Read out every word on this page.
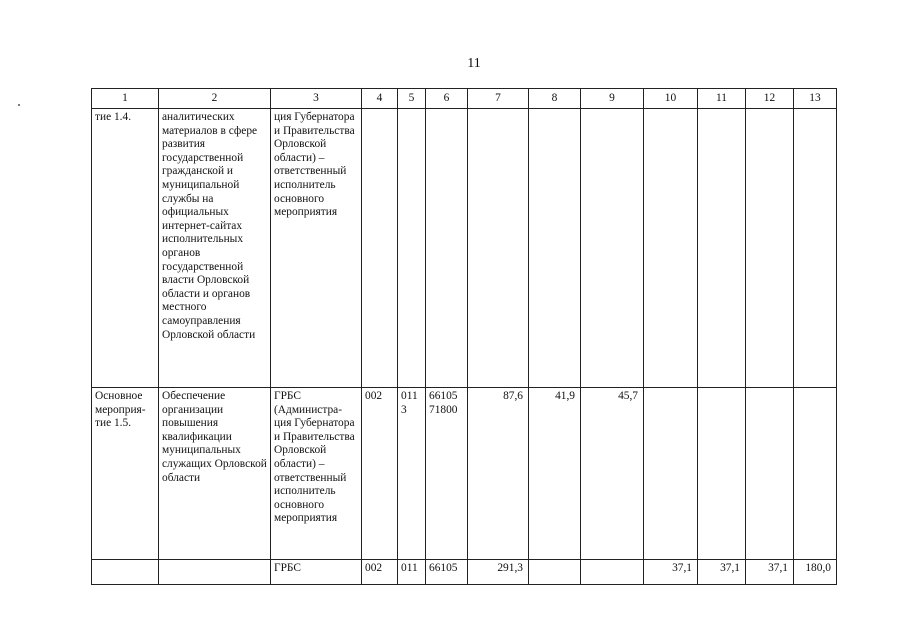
11
1	2	3	4	5	6	7	8	9	10	11	12	13
тие 1.4.	аналитических материалов в сфере развития государственной гражданской и муниципальной службы на официальных интернет-сайтах исполнительных органов государственной власти Орловской области и органов местного самоуправления Орловской области	ция Губернатора и Правительства Орловской области) – ответственный исполнитель основного мероприятия										
Основное мероприя-тие 1.5.	Обеспечение организации повышения квалификации муниципальных служащих Орловской области	ГРБС (Администра-ция Губернатора и Правительства Орловской области) – ответственный исполнитель основного мероприятия	002	011 3	66105 71800	87,6	41,9	45,7				
		ГРБС	002	011	66105	291,3			37,1	37,1	37,1	180,0
